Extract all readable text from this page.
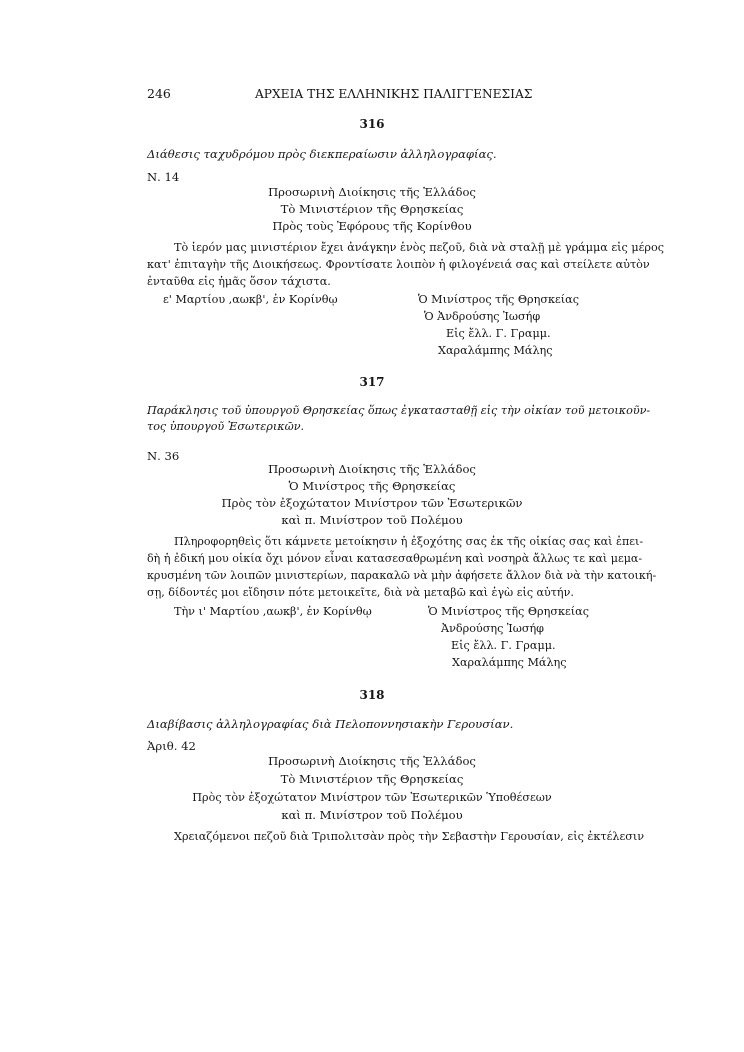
246	ΑΡΧΕΙΑ ΤΗΣ ΕΛΛΗΝΙΚΗΣ ΠΑΛΙΓΓΕΝΕΣΙΑΣ
316
Διάθεσις ταχυδρόμου πρὸς διεκπεραίωσιν ἀλληλογραφίας.
Ν. 14
Προσωρινὴ Διοίκησις τῆς Ἑλλάδος
Τὸ Μινιστέριον τῆς Θρησκείας
Πρὸς τοὺς Ἐφόρους τῆς Κορίνθου
Τὸ ἱερόν μας μινιστέριον ἔχει ἀνάγκην ἑνὸς πεζοῦ, διὰ νὰ σταλῇ μὲ γράμμα εἰς μέρος
κατ' ἐπιταγὴν τῆς Διοικήσεως. Φροντίσατε λοιπὸν ἡ φιλογένειά σας καὶ στείλετε αὐτὸν
ἐνταῦθα εἰς ἡμᾶς ὅσον τάχιστα.
ε' Μαρτίου ,αωκβ', ἐν Κορίνθῳ	Ὁ Μινίστρος τῆς Θρησκείας
Ὁ Ἀνδρούσης Ἰωσήφ
Εἰς ἔλλ. Γ. Γραμμ.
Χαραλάμπης Μάλης
317
Παράκλησις τοῦ ὑπουργοῦ Θρησκείας ὅπως ἐγκατασταθῇ εἰς τὴν οἰκίαν τοῦ μετοικοῦν-
τος ὑπουργοῦ Ἐσωτερικῶν.
Ν. 36
Προσωρινὴ Διοίκησις τῆς Ἑλλάδος
Ὁ Μινίστρος τῆς Θρησκείας
Πρὸς τὸν ἐξοχώτατον Μινίστρον τῶν Ἐσωτερικῶν
καὶ π. Μινίστρον τοῦ Πολέμου
Πληροφορηθεὶς ὅτι κάμνετε μετοίκησιν ἡ ἐξοχότης σας ἐκ τῆς οἰκίας σας καὶ ἐπει-
δὴ ἡ ἐδική μου οἰκία ὄχι μόνον εἶναι κατασεσαθρωμένη καὶ νοσηρὰ ἄλλως τε καὶ μεμα-
κρυσμένη τῶν λοιπῶν μινιστερίων, παρακαλῶ νὰ μὴν ἀφήσετε ἄλλον διὰ νὰ τὴν κατοική-
σῃ, δίδοντές μοι εἴδησιν πότε μετοικεῖτε, διὰ νὰ μεταβῶ καὶ ἐγὼ εἰς αὐτήν.
Τὴν ι' Μαρτίου ,αωκβ', ἐν Κορίνθῳ	Ὁ Μινίστρος τῆς Θρησκείας
Ἀνδρούσης Ἰωσήφ
Εἰς ἔλλ. Γ. Γραμμ.
Χαραλάμπης Μάλης
318
Διαβίβασις ἀλληλογραφίας διὰ Πελοποννησιακὴν Γερουσίαν.
Ἀριθ. 42
Προσωρινὴ Διοίκησις τῆς Ἑλλάδος
Τὸ Μινιστέριον τῆς Θρησκείας
Πρὸς τὸν ἐξοχώτατον Μινίστρον τῶν Ἐσωτερικῶν Ὑποθέσεων
καὶ π. Μινίστρον τοῦ Πολέμου
Χρειαζόμενοι πεζοῦ διὰ Τριπολιτσὰν πρὸς τὴν Σεβαστὴν Γερουσίαν, εἰς ἐκτέλεσιν
